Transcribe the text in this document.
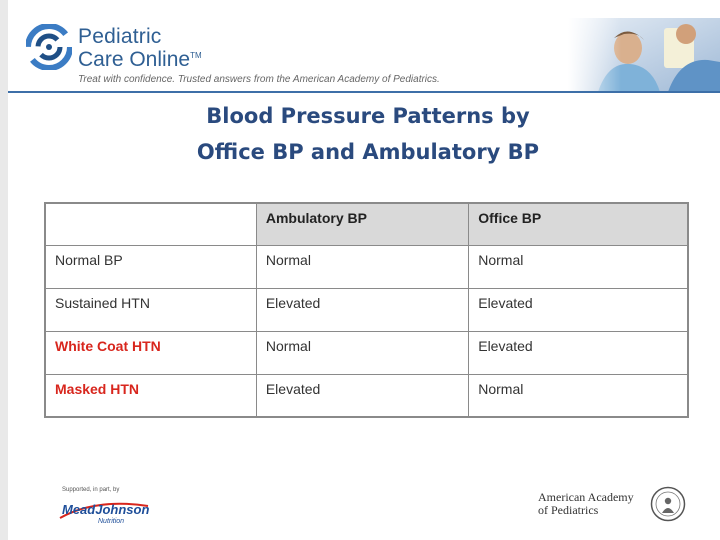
Pediatric
Care Online™
Treat with confidence. Trusted answers from the American Academy of Pediatrics.
Blood Pressure Patterns by
Office BP and Ambulatory BP
	Ambulatory BP	Office BP
Normal BP	Normal	Normal
Sustained HTN	Elevated	Elevated
White Coat HTN	Normal	Elevated
Masked HTN	Elevated	Normal
Supported, in part, by
MeadJohnson
Nutrition
American Academy
of Pediatrics
